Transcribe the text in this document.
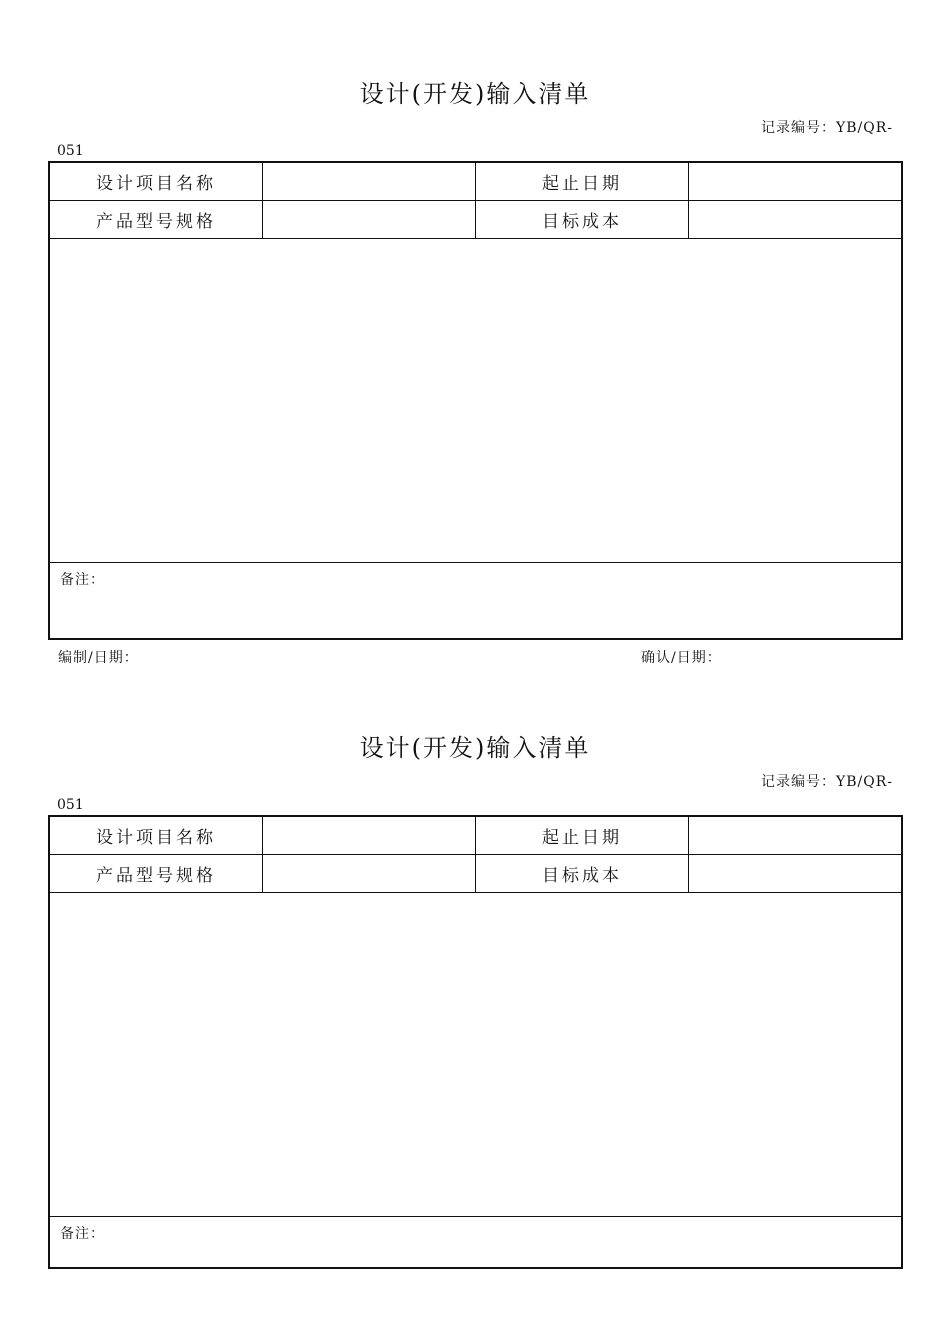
设计(开发)输入清单
记录编号：YB/QR-
051
设计项目名称	起止日期
产品型号规格	目标成本
备注：
编制/日期：	确认/日期：
设计(开发)输入清单
记录编号：YB/QR-
051
设计项目名称	起止日期
产品型号规格	目标成本
备注：
